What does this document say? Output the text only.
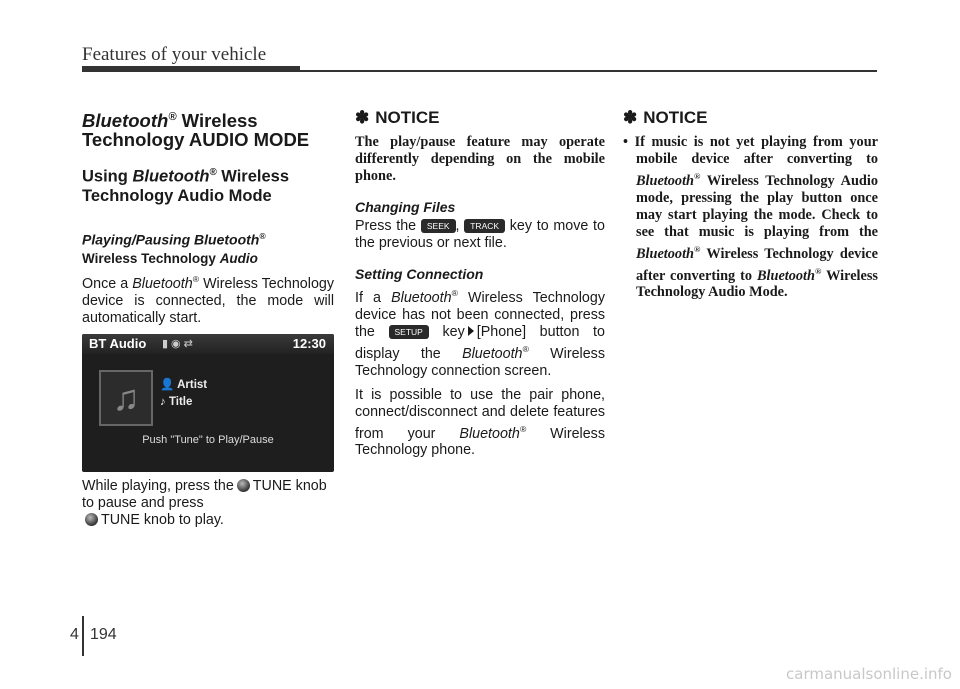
Features of your vehicle
Bluetooth® Wireless Technology AUDIO MODE
Using Bluetooth® Wireless Technology Audio Mode
Playing/Pausing Bluetooth®
Wireless Technology Audio
Once a Bluetooth® Wireless Technology device is connected, the mode will automatically start.
BT Audio ▮◉⇄	12:30
♫	👤 Artist
♪ Title
Push "Tune" to Play/Pause
While playing, press the TUNE knob to pause and press
TUNE knob to play.
✽ NOTICE
The play/pause feature may operate differently depending on the mobile phone.
Changing Files
Press the SEEK , TRACK key to move to the previous or next file.
Setting Connection
If a Bluetooth® Wireless Technology device has not been connected, press the SETUP key [Phone] button to display the Bluetooth® Wireless Technology connection screen.
It is possible to use the pair phone, connect/disconnect and delete features from your Bluetooth® Wireless Technology phone.
✽ NOTICE
• If music is not yet playing from your mobile device after converting to Bluetooth® Wireless Technology Audio mode, pressing the play button once may start playing the mode. Check to see that music is playing from the Bluetooth® Wireless Technology device after converting to Bluetooth® Wireless Technology Audio Mode.
4 194
carmanualsonline.info
